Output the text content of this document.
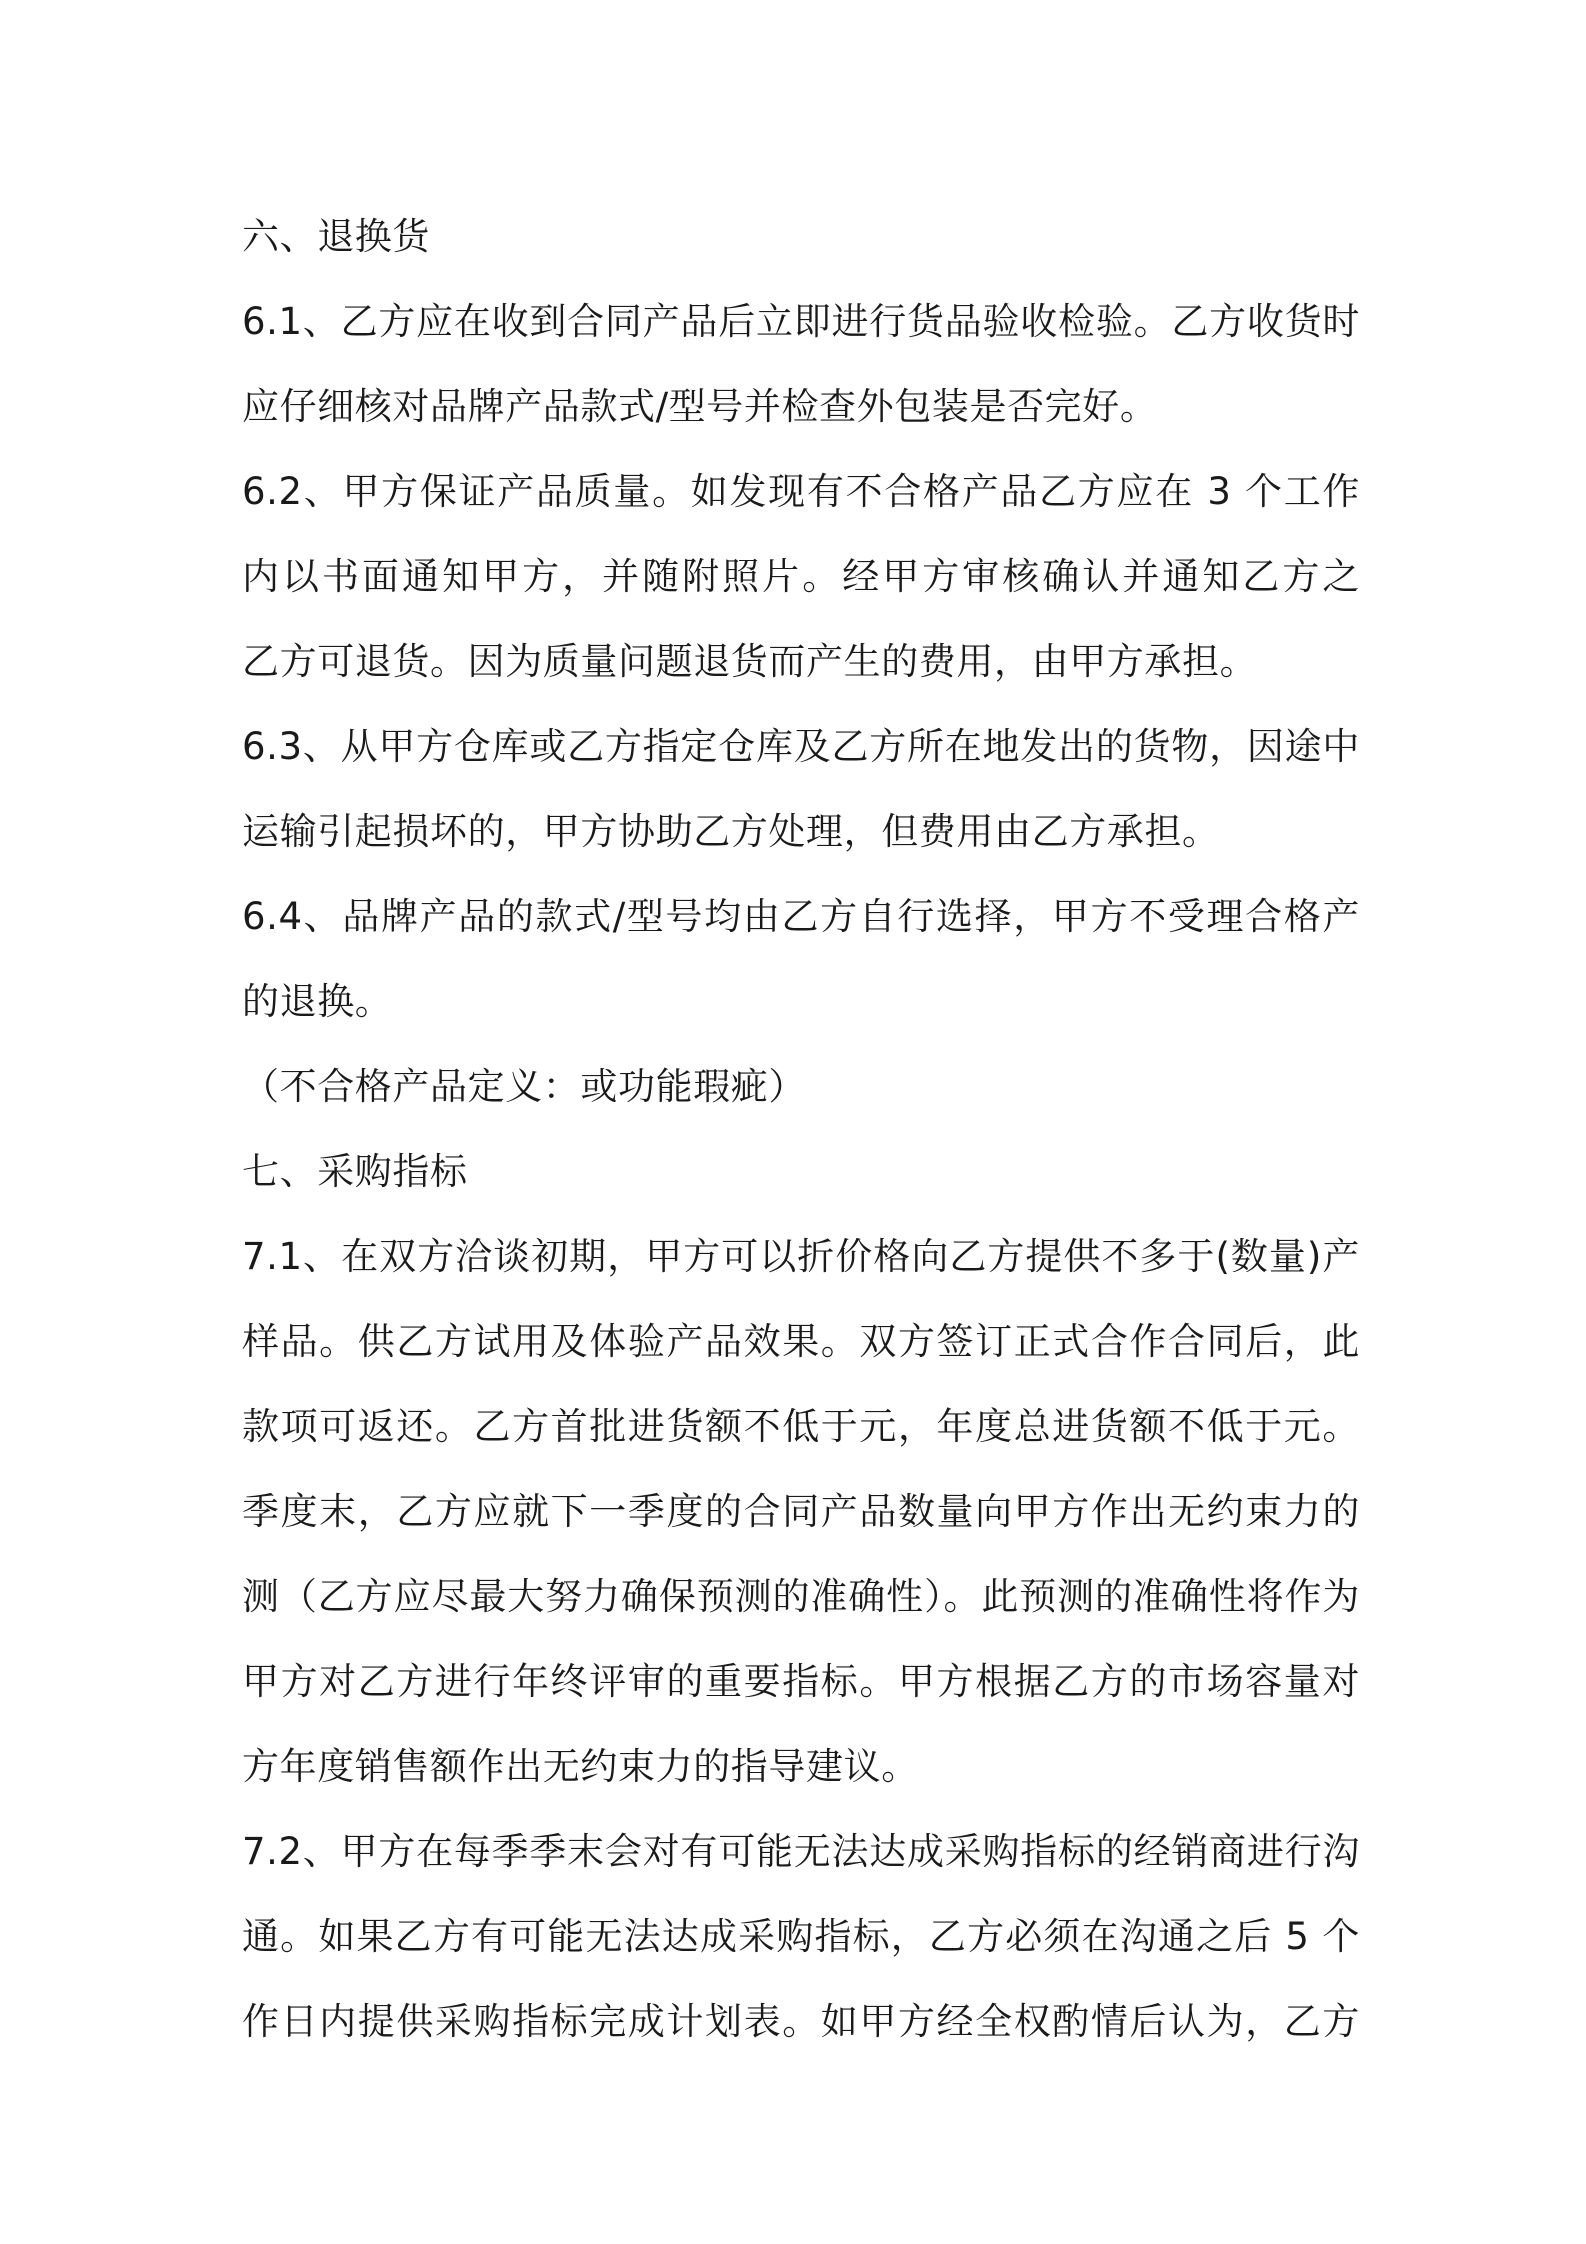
六、退换货
6.1、乙方应在收到合同产品后立即进行货品验收检验。乙方收货时
应仔细核对品牌产品款式/型号并检查外包装是否完好。
6.2、甲方保证产品质量。如发现有不合格产品乙方应在 3 个工作
内以书面通知甲方，并随附照片。经甲方审核确认并通知乙方之
乙方可退货。因为质量问题退货而产生的费用，由甲方承担。
6.3、从甲方仓库或乙方指定仓库及乙方所在地发出的货物，因途中
运输引起损坏的，甲方协助乙方处理，但费用由乙方承担。
6.4、品牌产品的款式/型号均由乙方自行选择，甲方不受理合格产
的退换。
（不合格产品定义：或功能瑕疵）
七、采购指标
7.1、在双方洽谈初期，甲方可以折价格向乙方提供不多于(数量)产
样品。供乙方试用及体验产品效果。双方签订正式合作合同后，此
款项可返还。乙方首批进货额不低于元，年度总进货额不低于元。
季度末，乙方应就下一季度的合同产品数量向甲方作出无约束力的
测（乙方应尽最大努力确保预测的准确性）。此预测的准确性将作为
甲方对乙方进行年终评审的重要指标。甲方根据乙方的市场容量对
方年度销售额作出无约束力的指导建议。
7.2、甲方在每季季末会对有可能无法达成采购指标的经销商进行沟
通。如果乙方有可能无法达成采购指标，乙方必须在沟通之后 5 个
作日内提供采购指标完成计划表。如甲方经全权酌情后认为，乙方
